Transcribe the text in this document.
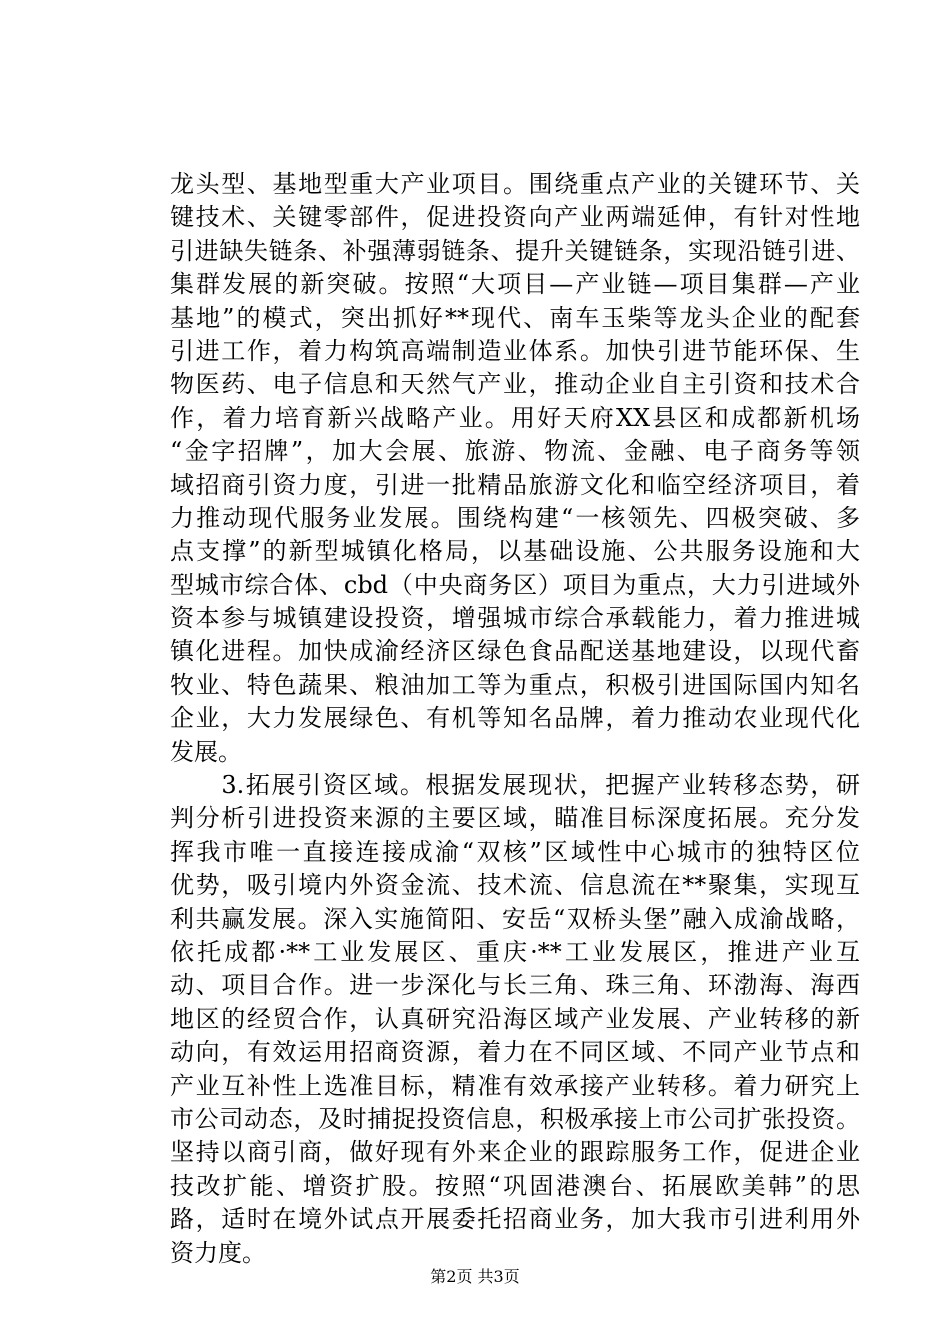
龙头型、基地型重大产业项目。围绕重点产业的关键环节、关
键技术、关键零部件，促进投资向产业两端延伸，有针对性地
引进缺失链条、补强薄弱链条、提升关键链条，实现沿链引进、
集群发展的新突破。按照“大项目—产业链—项目集群—产业
基地”的模式，突出抓好**现代、南车玉柴等龙头企业的配套
引进工作，着力构筑高端制造业体系。加快引进节能环保、生
物医药、电子信息和天然气产业，推动企业自主引资和技术合
作，着力培育新兴战略产业。用好天府XX县区和成都新机场
“金字招牌”，加大会展、旅游、物流、金融、电子商务等领
域招商引资力度，引进一批精品旅游文化和临空经济项目，着
力推动现代服务业发展。围绕构建“一核领先、四极突破、多
点支撑”的新型城镇化格局，以基础设施、公共服务设施和大
型城市综合体、cbd（中央商务区）项目为重点，大力引进域外
资本参与城镇建设投资，增强城市综合承载能力，着力推进城
镇化进程。加快成渝经济区绿色食品配送基地建设，以现代畜
牧业、特色蔬果、粮油加工等为重点，积极引进国际国内知名
企业，大力发展绿色、有机等知名品牌，着力推动农业现代化
发展。
　　3.拓展引资区域。根据发展现状，把握产业转移态势，研
判分析引进投资来源的主要区域，瞄准目标深度拓展。充分发
挥我市唯一直接连接成渝“双核”区域性中心城市的独特区位
优势，吸引境内外资金流、技术流、信息流在**聚集，实现互
利共赢发展。深入实施简阳、安岳“双桥头堡”融入成渝战略，
依托成都·**工业发展区、重庆·**工业发展区，推进产业互
动、项目合作。进一步深化与长三角、珠三角、环渤海、海西
地区的经贸合作，认真研究沿海区域产业发展、产业转移的新
动向，有效运用招商资源，着力在不同区域、不同产业节点和
产业互补性上选准目标，精准有效承接产业转移。着力研究上
市公司动态，及时捕捉投资信息，积极承接上市公司扩张投资。
坚持以商引商，做好现有外来企业的跟踪服务工作，促进企业
技改扩能、增资扩股。按照“巩固港澳台、拓展欧美韩”的思
路，适时在境外试点开展委托招商业务，加大我市引进利用外
资力度。
第2页 共3页
